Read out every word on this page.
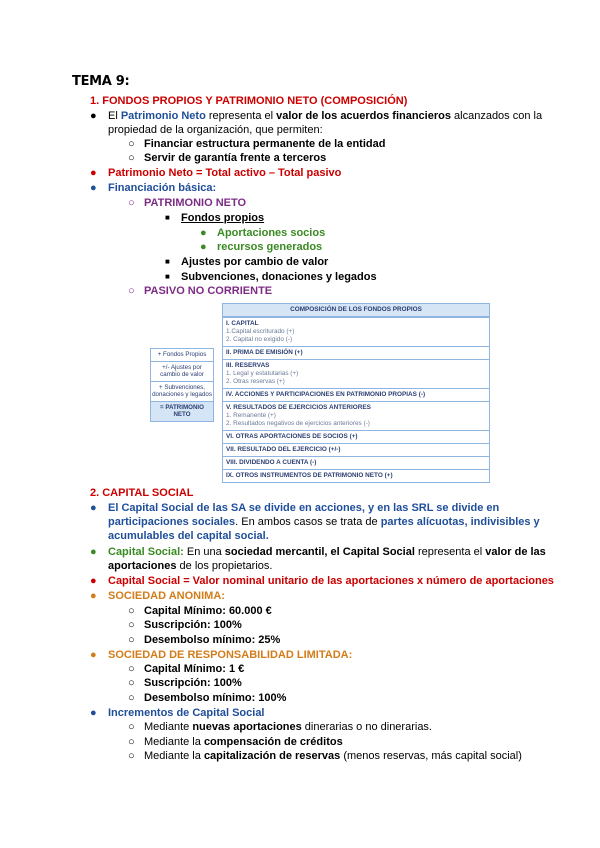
TEMA 9:
1. FONDOS PROPIOS Y PATRIMONIO NETO (COMPOSICIÓN)
● El Patrimonio Neto representa el valor de los acuerdos financieros alcanzados con la
propiedad de la organización, que permiten:
○ Financiar estructura permanente de la entidad
○ Servir de garantía frente a terceros
● Patrimonio Neto = Total activo – Total pasivo
● Financiación básica:
○ PATRIMONIO NETO
■ Fondos propios
● Aportaciones socios
● recursos generados
■ Ajustes por cambio de valor
■ Subvenciones, donaciones y legados
○ PASIVO NO CORRIENTE
+ Fondos Propios
+/- Ajustes por cambio de valor
+ Subvenciones, donaciones y legados
= PATRIMONIO NETO
COMPOSICIÓN DE LOS FONDOS PROPIOS
I. CAPITAL
1.Capital escriturado (+)
2. Capital no exigido (-)
II. PRIMA DE EMISIÓN (+)
III. RESERVAS
1. Legal y estatutarias (+)
2. Otras reservas (+)
IV. ACCIONES Y PARTICIPACIONES EN PATRIMONIO PROPIAS (-)
V. RESULTADOS DE EJERCICIOS ANTERIORES
1. Remanente (+)
2. Resultados negativos de ejercicios anteriores (-)
VI. OTRAS APORTACIONES DE SOCIOS (+)
VII. RESULTADO DEL EJERCICIO (+/-)
VIII. DIVIDENDO A CUENTA (-)
IX. OTROS INSTRUMENTOS DE PATRIMONIO NETO (+)
2. CAPITAL SOCIAL
● El Capital Social de las SA se divide en acciones, y en las SRL se divide en
participaciones sociales. En ambos casos se trata de partes alícuotas, indivisibles y
acumulables del capital social.
● Capital Social: En una sociedad mercantil, el Capital Social representa el valor de las
aportaciones de los propietarios.
● Capital Social = Valor nominal unitario de las aportaciones x número de aportaciones
● SOCIEDAD ANONIMA:
○ Capital Mínimo: 60.000 €
○ Suscripción: 100%
○ Desembolso mínimo: 25%
● SOCIEDAD DE RESPONSABILIDAD LIMITADA:
○ Capital Mínimo: 1 €
○ Suscripción: 100%
○ Desembolso mínimo: 100%
● Incrementos de Capital Social
○ Mediante nuevas aportaciones dinerarias o no dinerarias.
○ Mediante la compensación de créditos
○ Mediante la capitalización de reservas (menos reservas, más capital social)
